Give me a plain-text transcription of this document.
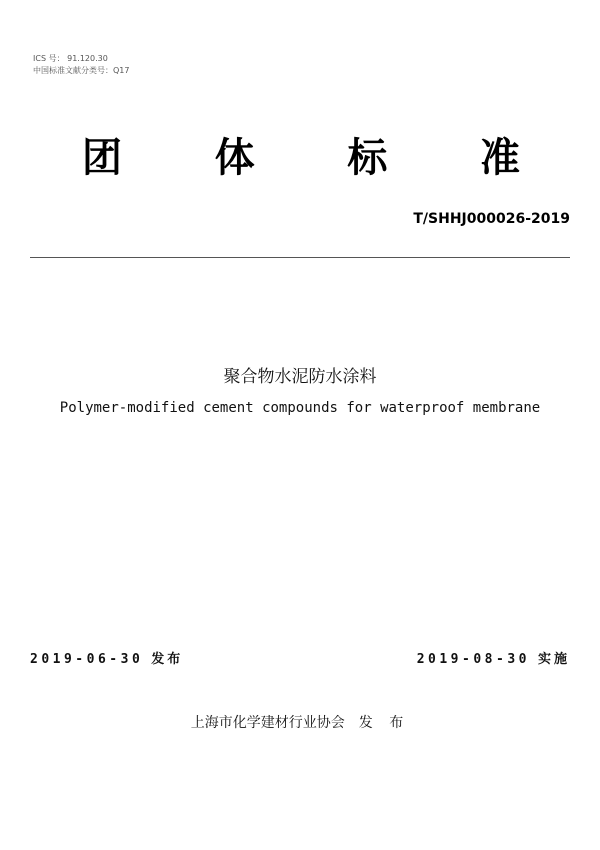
ICS 号： 91.120.30
中国标准文献分类号：Q17
团 体 标 准
T/SHHJ000026-2019
聚合物水泥防水涂料
Polymer-modified cement compounds for waterproof membrane
2019-06-30 发布	2019-08-30 实施
上海市化学建材行业协会 发 布
